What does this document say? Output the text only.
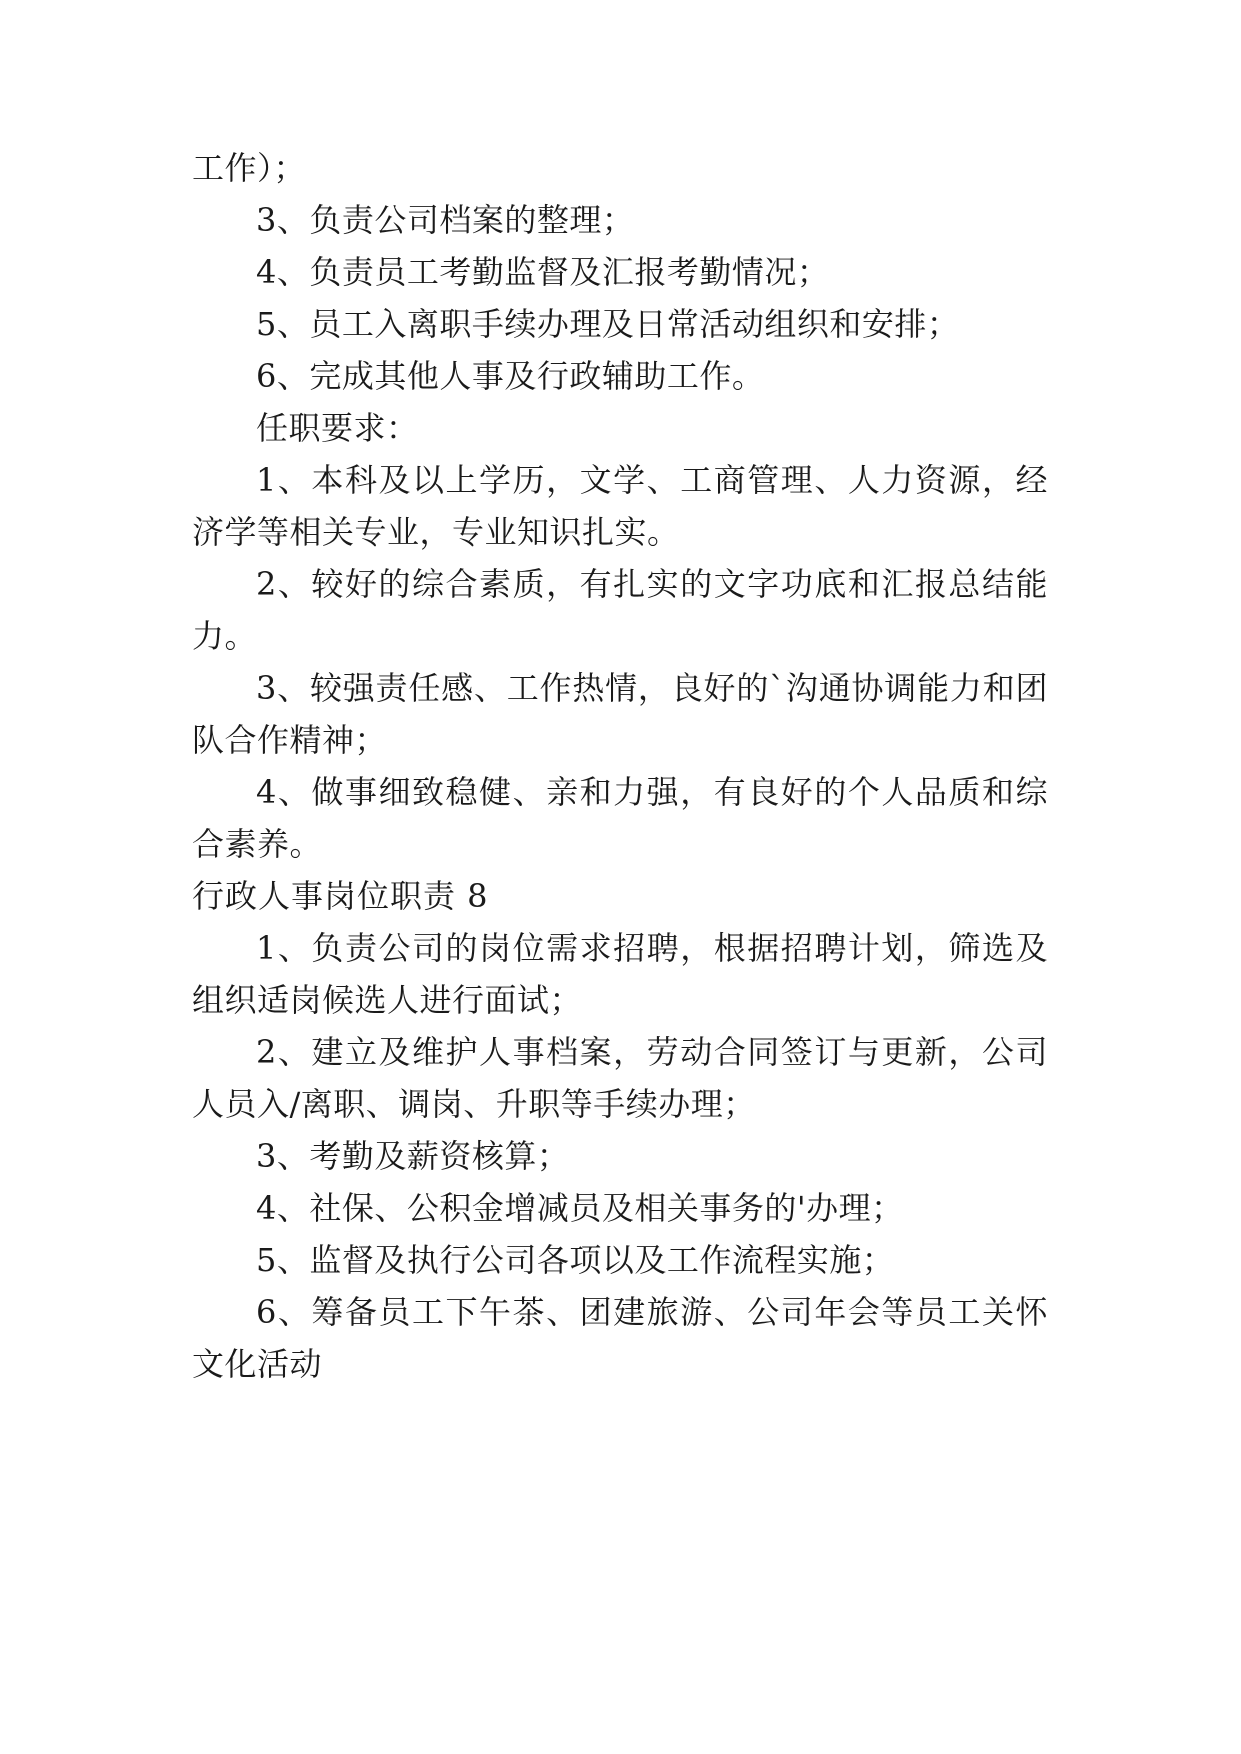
工作）；
3、负责公司档案的整理；
4、负责员工考勤监督及汇报考勤情况；
5、员工入离职手续办理及日常活动组织和安排；
6、完成其他人事及行政辅助工作。
任职要求：
1、本科及以上学历，文学、工商管理、人力资源，经
济学等相关专业，专业知识扎实。
2、较好的综合素质，有扎实的文字功底和汇报总结能
力。
3、较强责任感、工作热情，良好的`沟通协调能力和团
队合作精神；
4、做事细致稳健、亲和力强，有良好的个人品质和综
合素养。
行政人事岗位职责 8
1、负责公司的岗位需求招聘，根据招聘计划，筛选及
组织适岗候选人进行面试；
2、建立及维护人事档案，劳动合同签订与更新，公司
人员入/离职、调岗、升职等手续办理；
3、考勤及薪资核算；
4、社保、公积金增减员及相关事务的'办理；
5、监督及执行公司各项以及工作流程实施；
6、筹备员工下午茶、团建旅游、公司年会等员工关怀
文化活动
